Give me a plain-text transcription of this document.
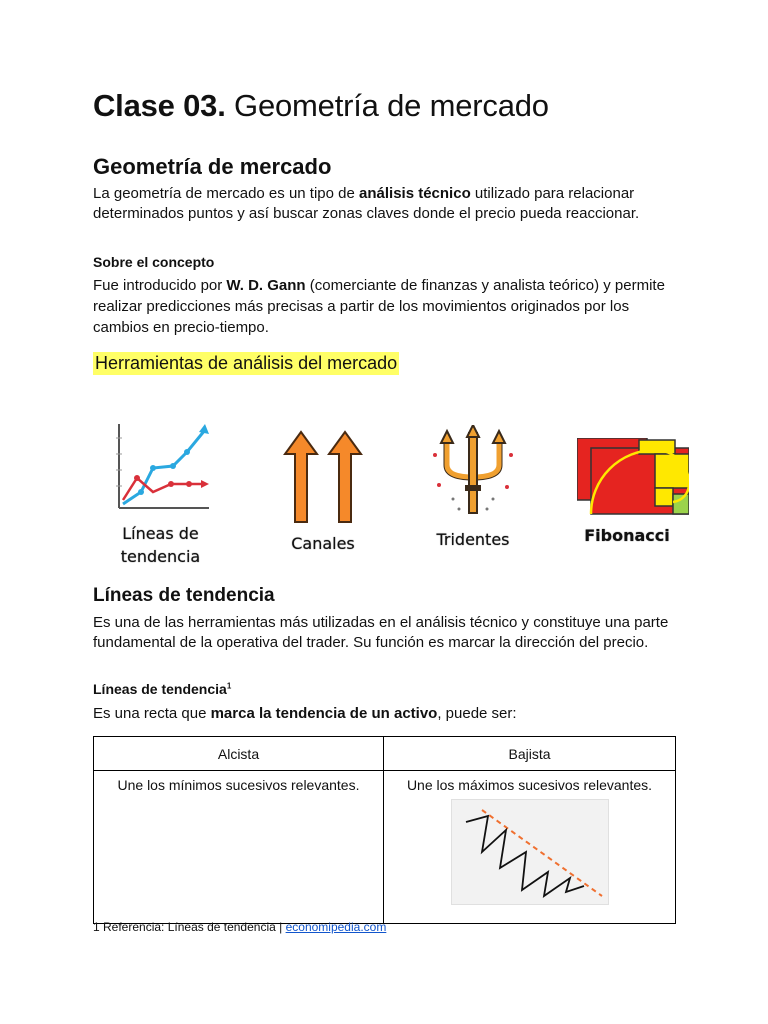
Clase 03. Geometría de mercado
Geometría de mercado

La geometría de mercado es un tipo de análisis técnico utilizado para relacionar determinados puntos y así buscar zonas claves donde el precio pueda reaccionar.

Sobre el concepto

Fue introducido por W. D. Gann (comerciante de finanzas y analista teórico) y permite realizar predicciones más precisas a partir de los movimientos originados por los cambios en precio-tiempo.

Herramientas de análisis del mercado

Líneas de
tendencia
Canales	Tridentes	Fibonacci
Líneas de tendencia

Es una de las herramientas más utilizadas en el análisis técnico y constituye una parte fundamental de la operativa del trader. Su función es marcar la dirección del precio.

Líneas de tendencia$^1$

Es una recta que marca la tendencia de un activo, puede ser:

Alcista	Bajista

Une los mínimos sucesivos relevantes.	Une los máximos sucesivos relevantes.
1 Referencia: Líneas de tendencia | economipedia.com
